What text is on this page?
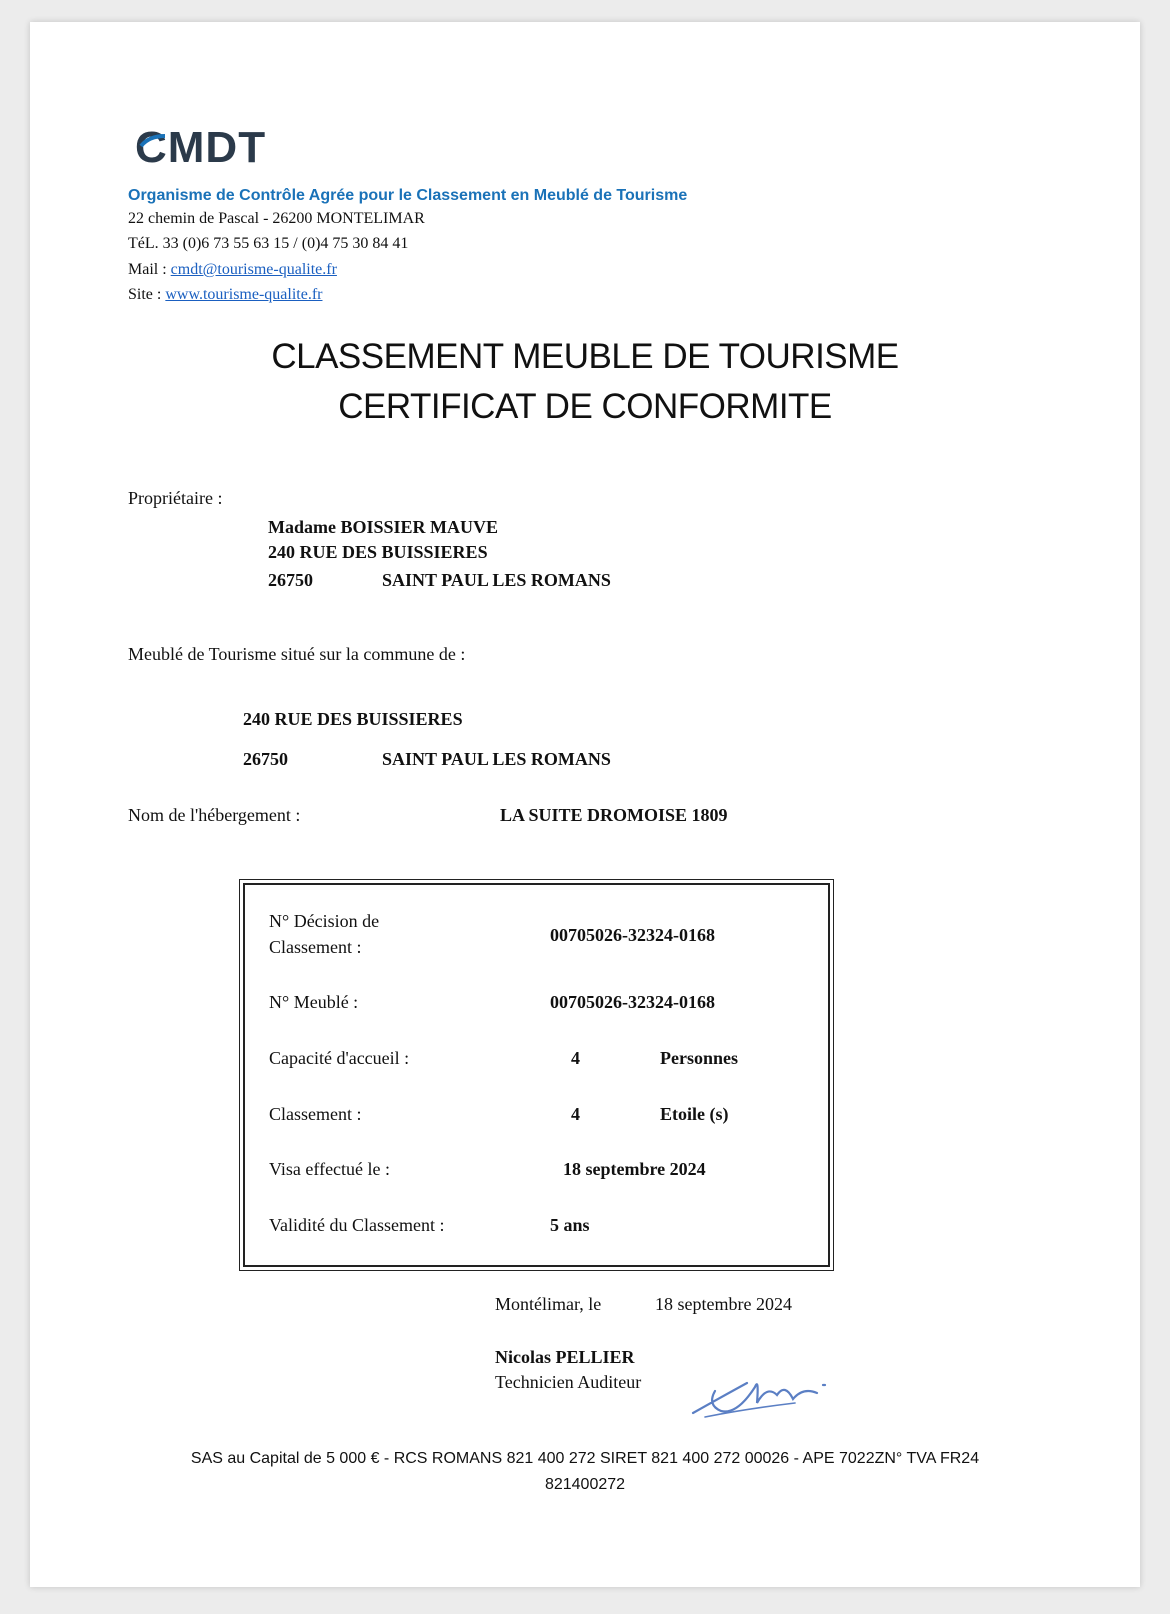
CMDT
Organisme de Contrôle Agrée pour le Classement en Meublé de Tourisme
22 chemin de Pascal - 26200 MONTELIMAR
TéL. 33 (0)6 73 55 63 15 / (0)4 75 30 84 41
Mail : cmdt@tourisme-qualite.fr
Site : www.tourisme-qualite.fr
CLASSEMENT MEUBLE DE TOURISME
CERTIFICAT DE CONFORMITE
Propriétaire :
Madame BOISSIER MAUVE
240 RUE DES BUISSIERES
26750	SAINT PAUL LES ROMANS
Meublé de Tourisme situé sur la commune de :
240 RUE DES BUISSIERES
26750	SAINT PAUL LES ROMANS
Nom de l'hébergement :	LA SUITE DROMOISE 1809
N° Décision de
Classement :
00705026-32324-0168
N° Meublé :	00705026-32324-0168
Capacité d'accueil :	4	Personnes
Classement :	4	Etoile (s)
Visa effectué le :	18 septembre 2024
Validité du Classement :	5 ans
Montélimar, le	18 septembre 2024
Nicolas PELLIER
Technicien Auditeur
SAS au Capital de 5 000 € - RCS ROMANS 821 400 272 SIRET 821 400 272 00026 - APE 7022ZN° TVA FR24
821400272
